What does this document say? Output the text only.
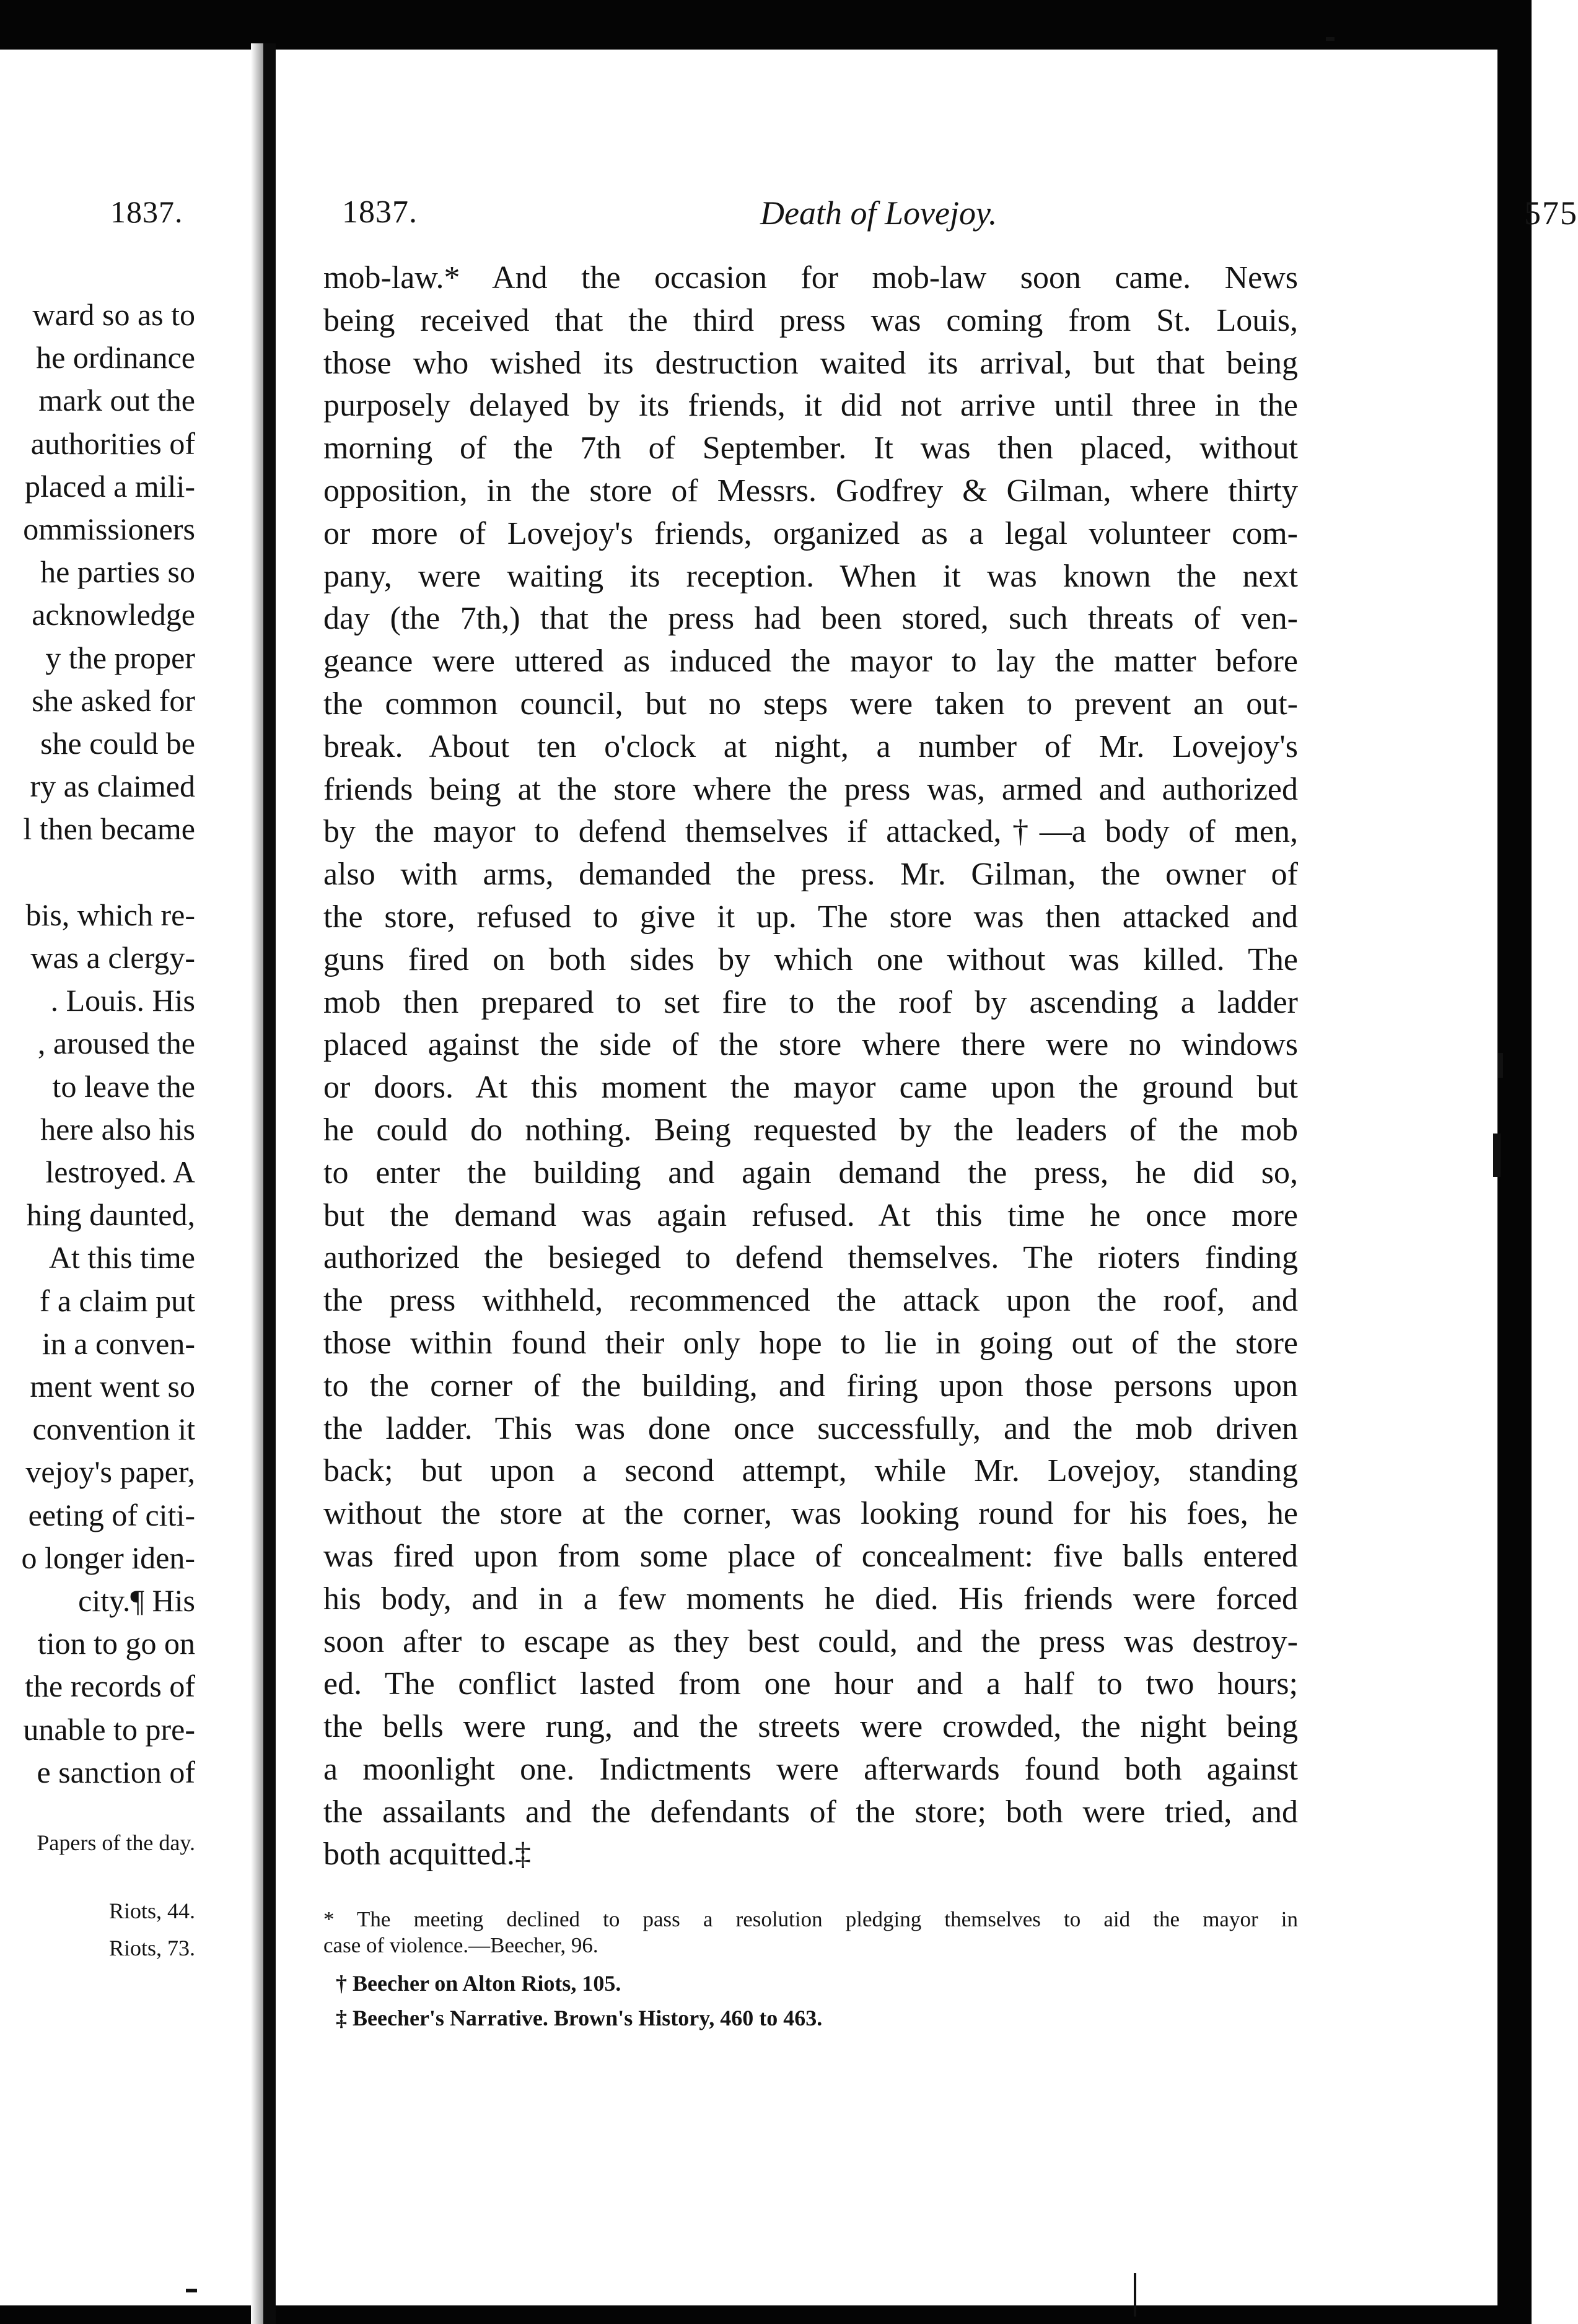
1837.
ward so as to
he ordinance
mark out the
authorities of
placed a mili-
ommissioners
he parties so
acknowledge
y the proper
she asked for
she could be
ry as claimed
l then became
bis, which re-
was a clergy-
. Louis. His
, aroused the
to leave the
here also his
lestroyed. A
hing daunted,
At this time
f a claim put
in a conven-
ment went so
convention it
vejoy's paper,
eeting of citi-
o longer iden-
city.¶ His
tion to go on
the records of
unable to pre-
e sanction of
Papers of the day.
Riots, 44.
Riots, 73.
1837.	Death of Lovejoy.	575
mob-law.* And the occasion for mob-law soon came. News
being received that the third press was coming from St. Louis,
those who wished its destruction waited its arrival, but that being
purposely delayed by its friends, it did not arrive until three in the
morning of the 7th of September. It was then placed, without
opposition, in the store of Messrs. Godfrey & Gilman, where thirty
or more of Lovejoy's friends, organized as a legal volunteer com-
pany, were waiting its reception. When it was known the next
day (the 7th,) that the press had been stored, such threats of ven-
geance were uttered as induced the mayor to lay the matter before
the common council, but no steps were taken to prevent an out-
break. About ten o'clock at night, a number of Mr. Lovejoy's
friends being at the store where the press was, armed and authorized
by the mayor to defend themselves if attacked,†—a body of men,
also with arms, demanded the press. Mr. Gilman, the owner of
the store, refused to give it up. The store was then attacked and
guns fired on both sides by which one without was killed. The
mob then prepared to set fire to the roof by ascending a ladder
placed against the side of the store where there were no windows
or doors. At this moment the mayor came upon the ground but
he could do nothing. Being requested by the leaders of the mob
to enter the building and again demand the press, he did so,
but the demand was again refused. At this time he once more
authorized the besieged to defend themselves. The rioters finding
the press withheld, recommenced the attack upon the roof, and
those within found their only hope to lie in going out of the store
to the corner of the building, and firing upon those persons upon
the ladder. This was done once successfully, and the mob driven
back; but upon a second attempt, while Mr. Lovejoy, standing
without the store at the corner, was looking round for his foes, he
was fired upon from some place of concealment: five balls entered
his body, and in a few moments he died. His friends were forced
soon after to escape as they best could, and the press was destroy-
ed. The conflict lasted from one hour and a half to two hours;
the bells were rung, and the streets were crowded, the night being
a moonlight one. Indictments were afterwards found both against
the assailants and the defendants of the store; both were tried, and
both acquitted.‡
* The meeting declined to pass a resolution pledging themselves to aid the mayor in
case of violence.—Beecher, 96.
† Beecher on Alton Riots, 105.
‡ Beecher's Narrative. Brown's History, 460 to 463.
